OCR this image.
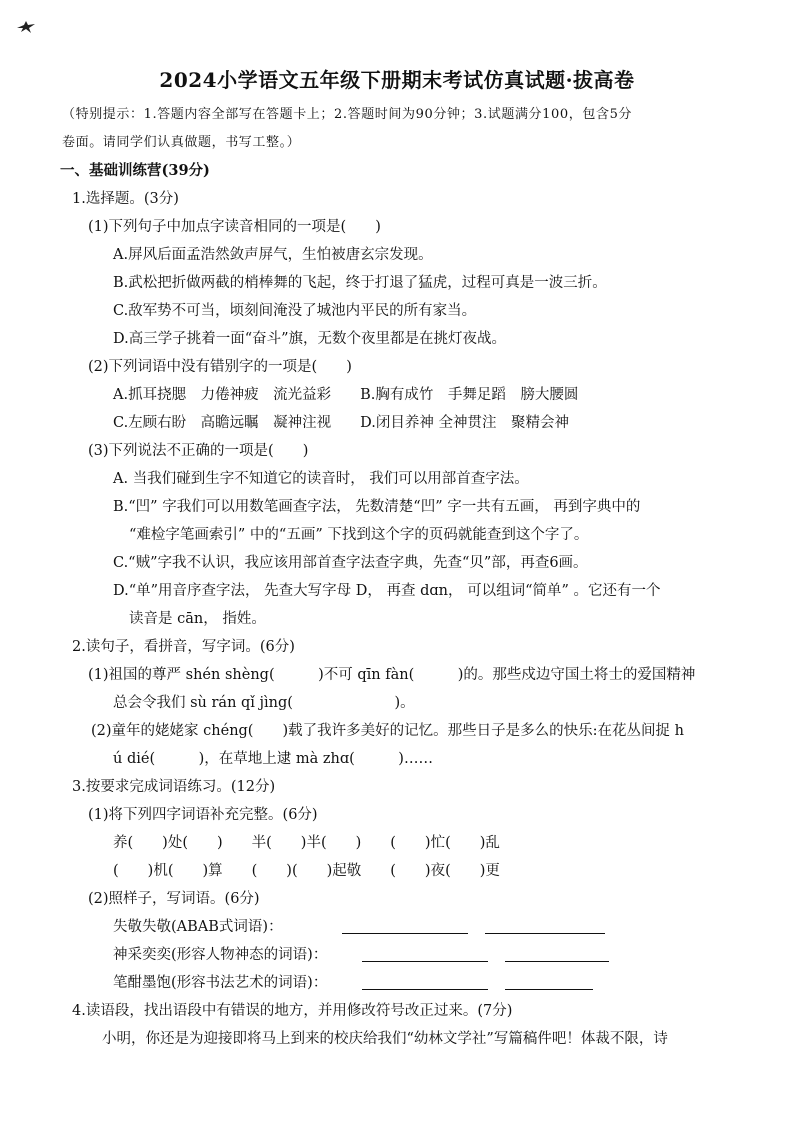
2024小学语文五年级下册期末考试仿真试题·拔高卷
（特别提示：1.答题内容全部写在答题卡上；2.答题时间为90分钟；3.试题满分100，包含5分
卷面。请同学们认真做题，书写工整。）
一、基础训练营(39分)
1.选择题。(3分)
(1)下列句子中加点字读音相同的一项是(　　)
A.屏风后面孟浩然敛声屏气，生怕被唐玄宗发现。
B.武松把折做两截的梢棒舞的飞起，终于打退了猛虎，过程可真是一波三折。
C.敌军势不可当，顷刻间淹没了城池内平民的所有家当。
D.高三学子挑着一面“奋斗”旗，无数个夜里都是在挑灯夜战。
(2)下列词语中没有错别字的一项是(　　)
A.抓耳挠腮　力倦神疲　流光益彩　　B.胸有成竹　手舞足蹈　膀大腰圆
C.左顾右盼　高瞻远瞩　凝神注视　　D.闭目养神 全神贯注　聚精会神
(3)下列说法不正确的一项是(　　)
A. 当我们碰到生字不知道它的读音时， 我们可以用部首查字法。
B.“凹” 字我们可以用数笔画查字法， 先数清楚“凹” 字一共有五画， 再到字典中的
“难检字笔画索引” 中的“五画” 下找到这个字的页码就能查到这个字了。
C.“贼”字我不认识，我应该用部首查字法查字典，先查“贝”部，再查6画。
D.“单”用音序查字法， 先查大写字母 D， 再查 dɑn， 可以组词“简单” 。它还有一个
读音是 cān， 指姓。
2.读句子，看拼音，写字词。(6分)
(1)祖国的尊严 shén shèng(　　　)不可 qīn fàn(　　　)的。那些戍边守国土将士的爱国精神
总会令我们 sù rán qǐ jìng(　　　　　　　)。
(2)童年的姥姥家 chéng(　　)载了我许多美好的记忆。那些日子是多么的快乐:在花丛间捉 h
ú dié(　　　)，在草地上逮 mà zhɑ(　　　)……
3.按要求完成词语练习。(12分)
(1)将下列四字词语补充完整。(6分)
养(　　)处(　　)　　半(　　)半(　　)　　(　　)忙(　　)乱
(　　)机(　　)算　　(　　)(　　)起敬　　(　　)夜(　　)更
(2)照样子，写词语。(6分)
失敬失敬(ABAB式词语)：
神采奕奕(形容人物神态的词语)：
笔酣墨饱(形容书法艺术的词语)：
4.读语段，找出语段中有错误的地方，并用修改符号改正过来。(7分)
小明，你还是为迎接即将马上到来的校庆给我们“幼林文学社”写篇稿件吧！体裁不限，诗
